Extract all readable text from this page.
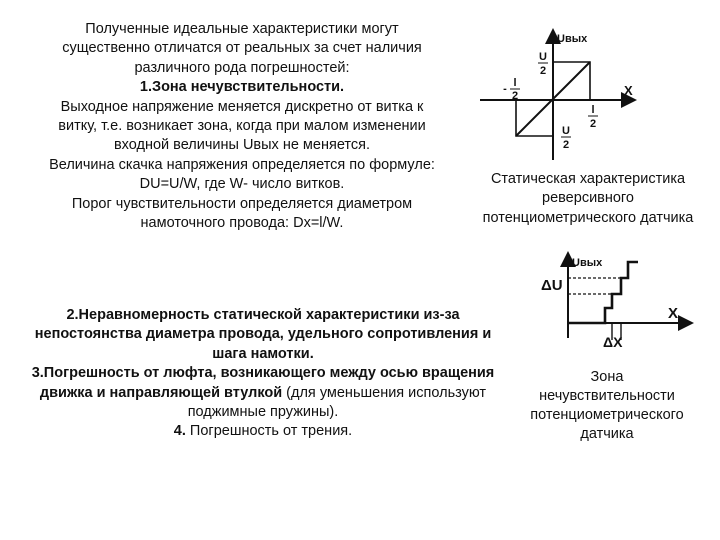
Полученные идеальные характеристики могут

существенно отличатся от реальных за счет наличия

различного рода погрешностей:

1.Зона нечувствительности.

Выходное напряжение меняется дискретно от витка к

витку, т.е. возникает зона, когда при малом изменении

входной величины Uвых не меняется.

Величина скачка напряжения определяется по формуле:

DU=U/W, где W- число витков.

Порог чувствительности определяется диаметром

намоточного провода: Dx=l/W.

2.Неравномерность статической характеристики из-за непостоянства диаметра провода, удельного сопротивления и шага намотки.

3.Погрешность от люфта, возникающего между осью вращения движка и направляющей втулкой (для уменьшения используют поджимные пружины).

4. Погрешность от трения.

Uвых
X
U
2
U
2
- l
2
l
2
Uвых
ΔU
X
ΔX

Статическая характеристика

реверсивного

потенциометрического датчика

Зона

нечувствительности

потенциометрического

датчика
